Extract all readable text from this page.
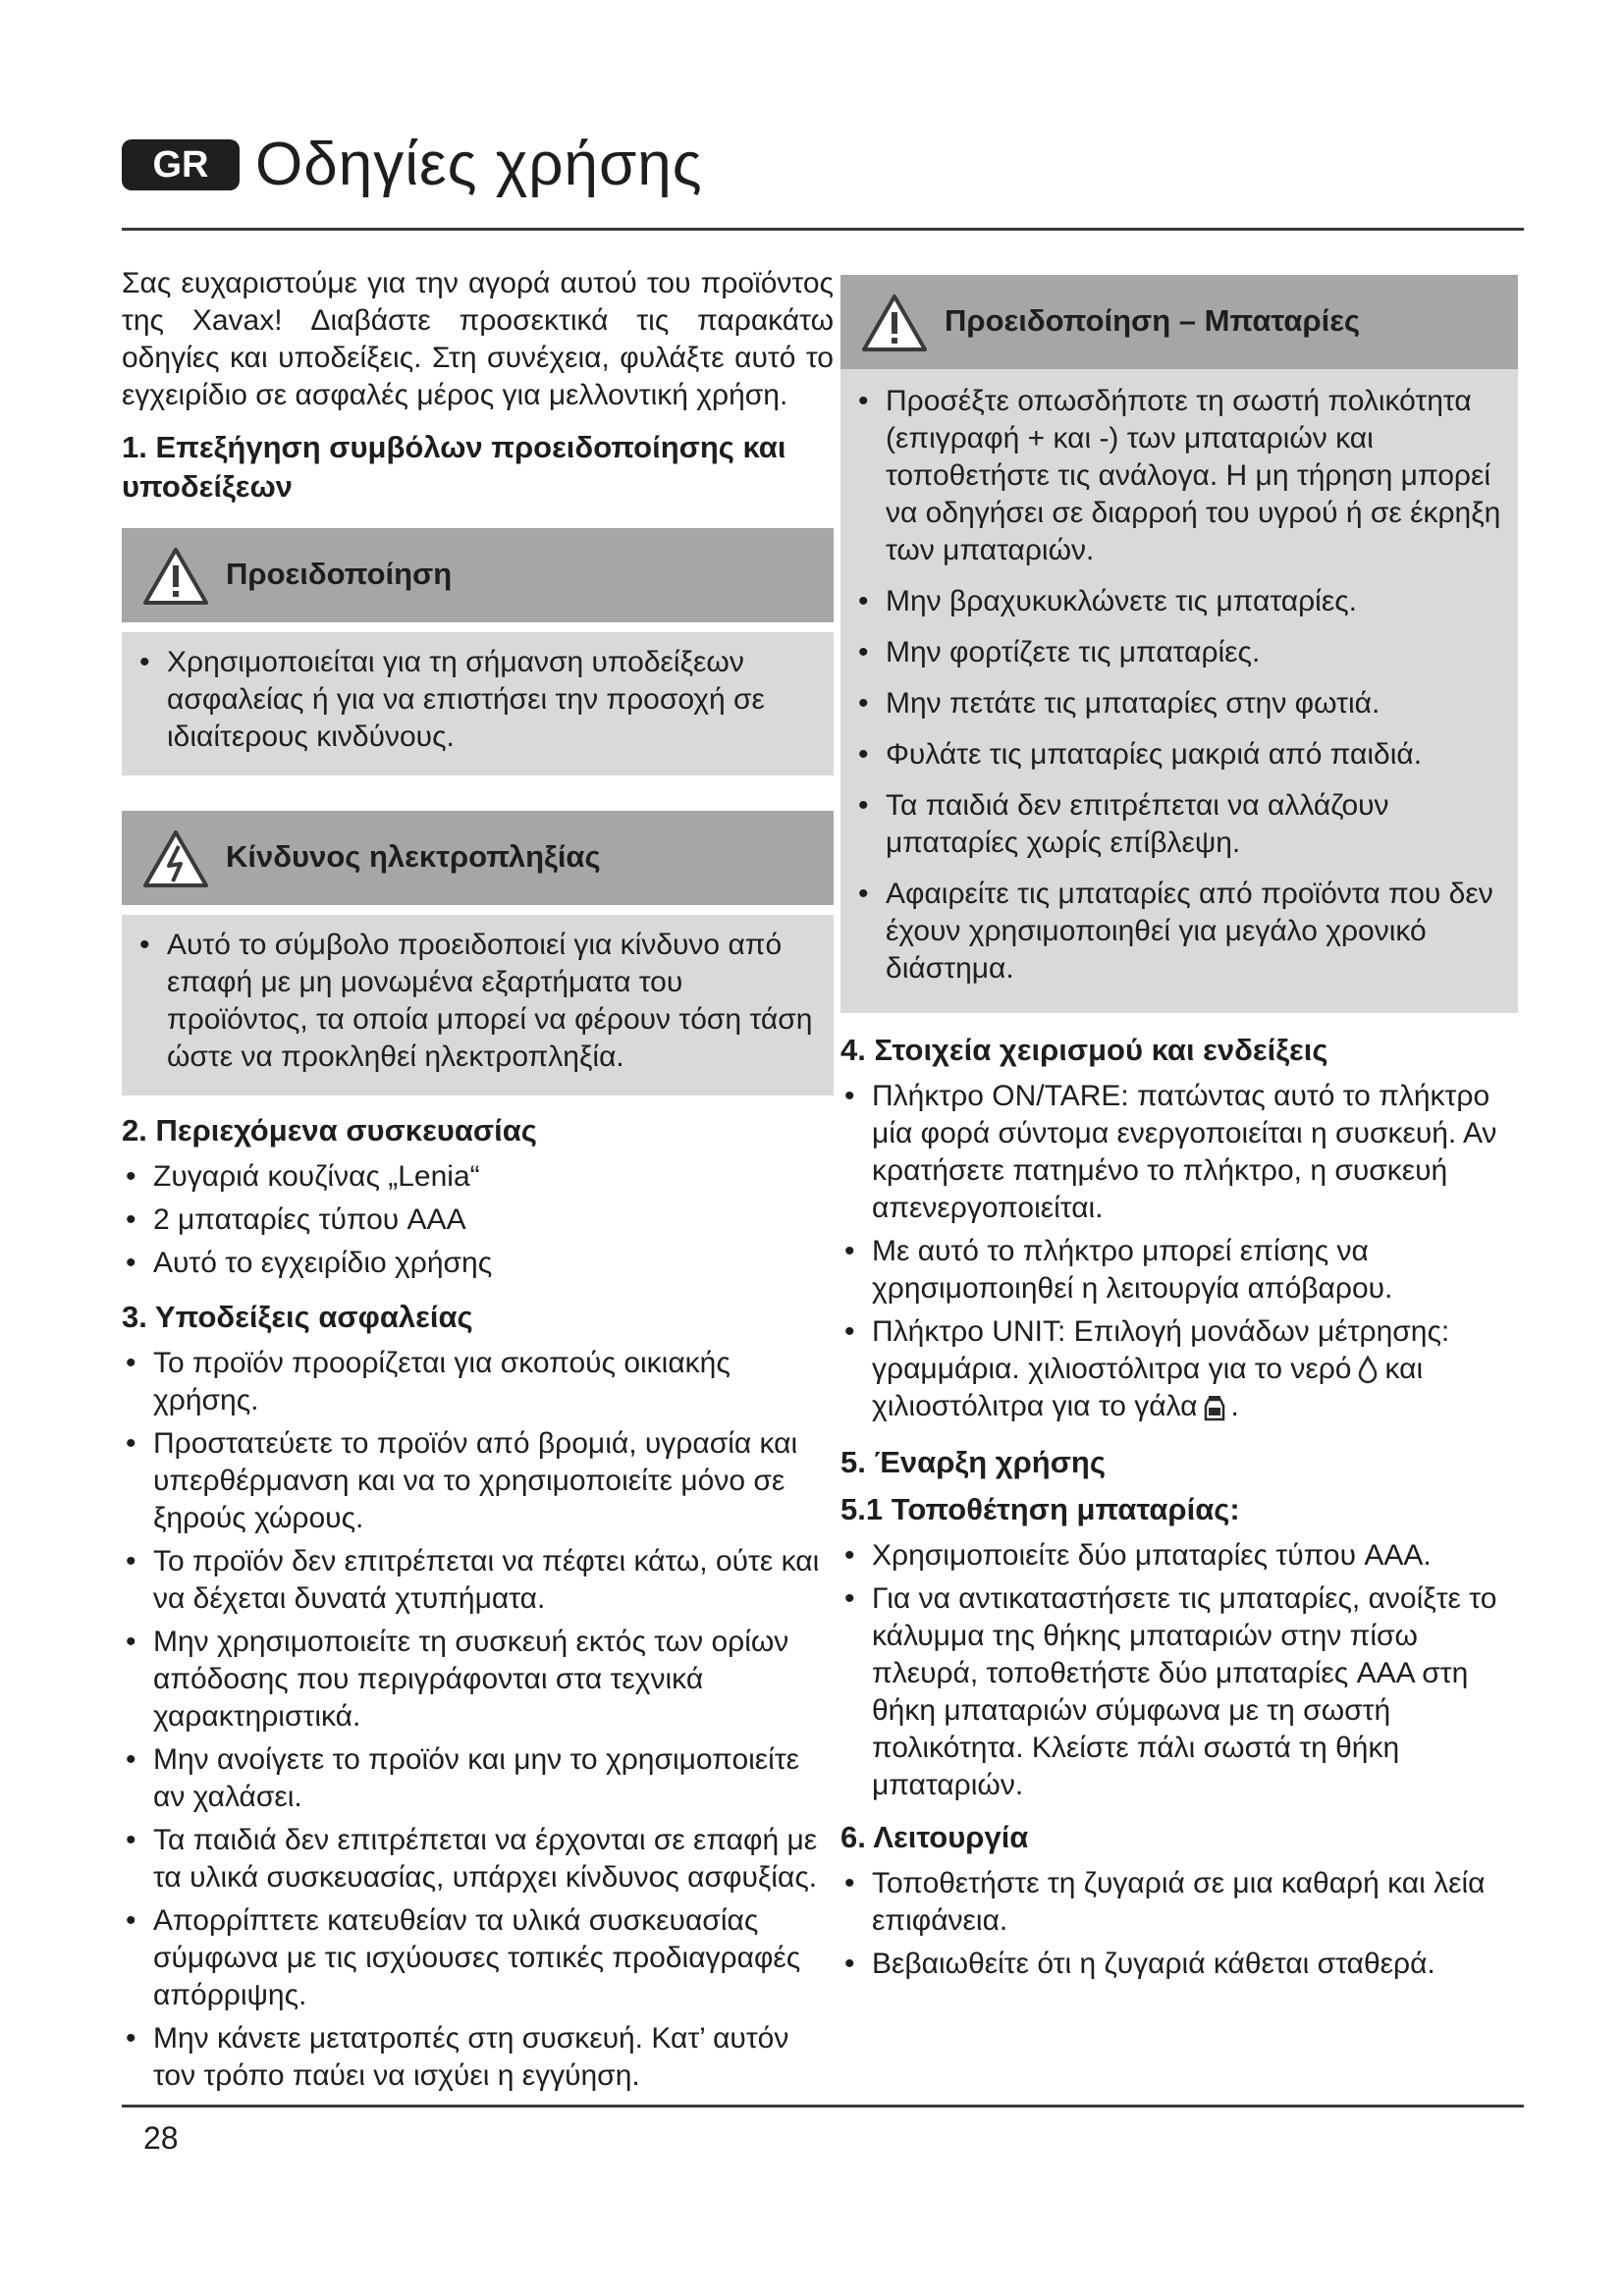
GR Οδηγίες χρήσης

Σας ευχαριστούμε για την αγορά αυτού του προϊόντος της Xavax! Διαβάστε προσεκτικά τις παρακάτω οδηγίες και υποδείξεις. Στη συνέχεια, φυλάξτε αυτό το εγχειρίδιο σε ασφαλές μέρος για μελλοντική χρήση.

1. Επεξήγηση συμβόλων προειδοποίησης και υποδείξεων
Προειδοποίηση
• Χρησιμοποιείται για τη σήμανση υποδείξεων ασφαλείας ή για να επιστήσει την προσοχή σε ιδιαίτερους κινδύνους.
Κίνδυνος ηλεκτροπληξίας
• Αυτό το σύμβολο προειδοποιεί για κίνδυνο από επαφή με μη μονωμένα εξαρτήματα του προϊόντος, τα οποία μπορεί να φέρουν τόση τάση ώστε να προκληθεί ηλεκτροπληξία.
2. Περιεχόμενα συσκευασίας
• Ζυγαριά κουζίνας „Lenia“
• 2 μπαταρίες τύπου AAA
• Αυτό το εγχειρίδιο χρήσης
3. Υποδείξεις ασφαλείας
• Το προϊόν προορίζεται για σκοπούς οικιακής χρήσης.
• Προστατεύετε το προϊόν από βρομιά, υγρασία και υπερθέρμανση και να το χρησιμοποιείτε μόνο σε ξηρούς χώρους.
• Το προϊόν δεν επιτρέπεται να πέφτει κάτω, ούτε και να δέχεται δυνατά χτυπήματα.
• Μην χρησιμοποιείτε τη συσκευή εκτός των ορίων απόδοσης που περιγράφονται στα τεχνικά χαρακτηριστικά.
• Μην ανοίγετε το προϊόν και μην το χρησιμοποιείτε αν χαλάσει.
• Τα παιδιά δεν επιτρέπεται να έρχονται σε επαφή με τα υλικά συσκευασίας, υπάρχει κίνδυνος ασφυξίας.
• Απορρίπτετε κατευθείαν τα υλικά συσκευασίας σύμφωνα με τις ισχύουσες τοπικές προδιαγραφές απόρριψης.
• Μην κάνετε μετατροπές στη συσκευή. Κατ’ αυτόν τον τρόπο παύει να ισχύει η εγγύηση.
Προειδοποίηση – Μπαταρίες
• Προσέξτε οπωσδήποτε τη σωστή πολικότητα (επιγραφή + και -) των μπαταριών και τοποθετήστε τις ανάλογα. Η μη τήρηση μπορεί να οδηγήσει σε διαρροή του υγρού ή σε έκρηξη των μπαταριών.
• Μην βραχυκυκλώνετε τις μπαταρίες.
• Μην φορτίζετε τις μπαταρίες.
• Μην πετάτε τις μπαταρίες στην φωτιά.
• Φυλάτε τις μπαταρίες μακριά από παιδιά.
• Τα παιδιά δεν επιτρέπεται να αλλάζουν μπαταρίες χωρίς επίβλεψη.
• Αφαιρείτε τις μπαταρίες από προϊόντα που δεν έχουν χρησιμοποιηθεί για μεγάλο χρονικό διάστημα.
4. Στοιχεία χειρισμού και ενδείξεις
• Πλήκτρο ON/TARE: πατώντας αυτό το πλήκτρο μία φορά σύντομα ενεργοποιείται η συσκευή. Αν κρατήσετε πατημένο το πλήκτρο, η συσκευή απενεργοποιείται.
• Με αυτό το πλήκτρο μπορεί επίσης να χρησιμοποιηθεί η λειτουργία απόβαρου.
• Πλήκτρο UNIT: Επιλογή μονάδων μέτρησης: γραμμάρια. χιλιοστόλιτρα για το νερό και χιλιοστόλιτρα για το γάλα .
5. Έναρξη χρήσης
5.1 Τοποθέτηση μπαταρίας:
• Χρησιμοποιείτε δύο μπαταρίες τύπου AAA.
• Για να αντικαταστήσετε τις μπαταρίες, ανοίξτε το κάλυμμα της θήκης μπαταριών στην πίσω πλευρά, τοποθετήστε δύο μπαταρίες AAA στη θήκη μπαταριών σύμφωνα με τη σωστή πολικότητα. Κλείστε πάλι σωστά τη θήκη μπαταριών.
6. Λειτουργία
• Τοποθετήστε τη ζυγαριά σε μια καθαρή και λεία επιφάνεια.
• Βεβαιωθείτε ότι η ζυγαριά κάθεται σταθερά.
28
